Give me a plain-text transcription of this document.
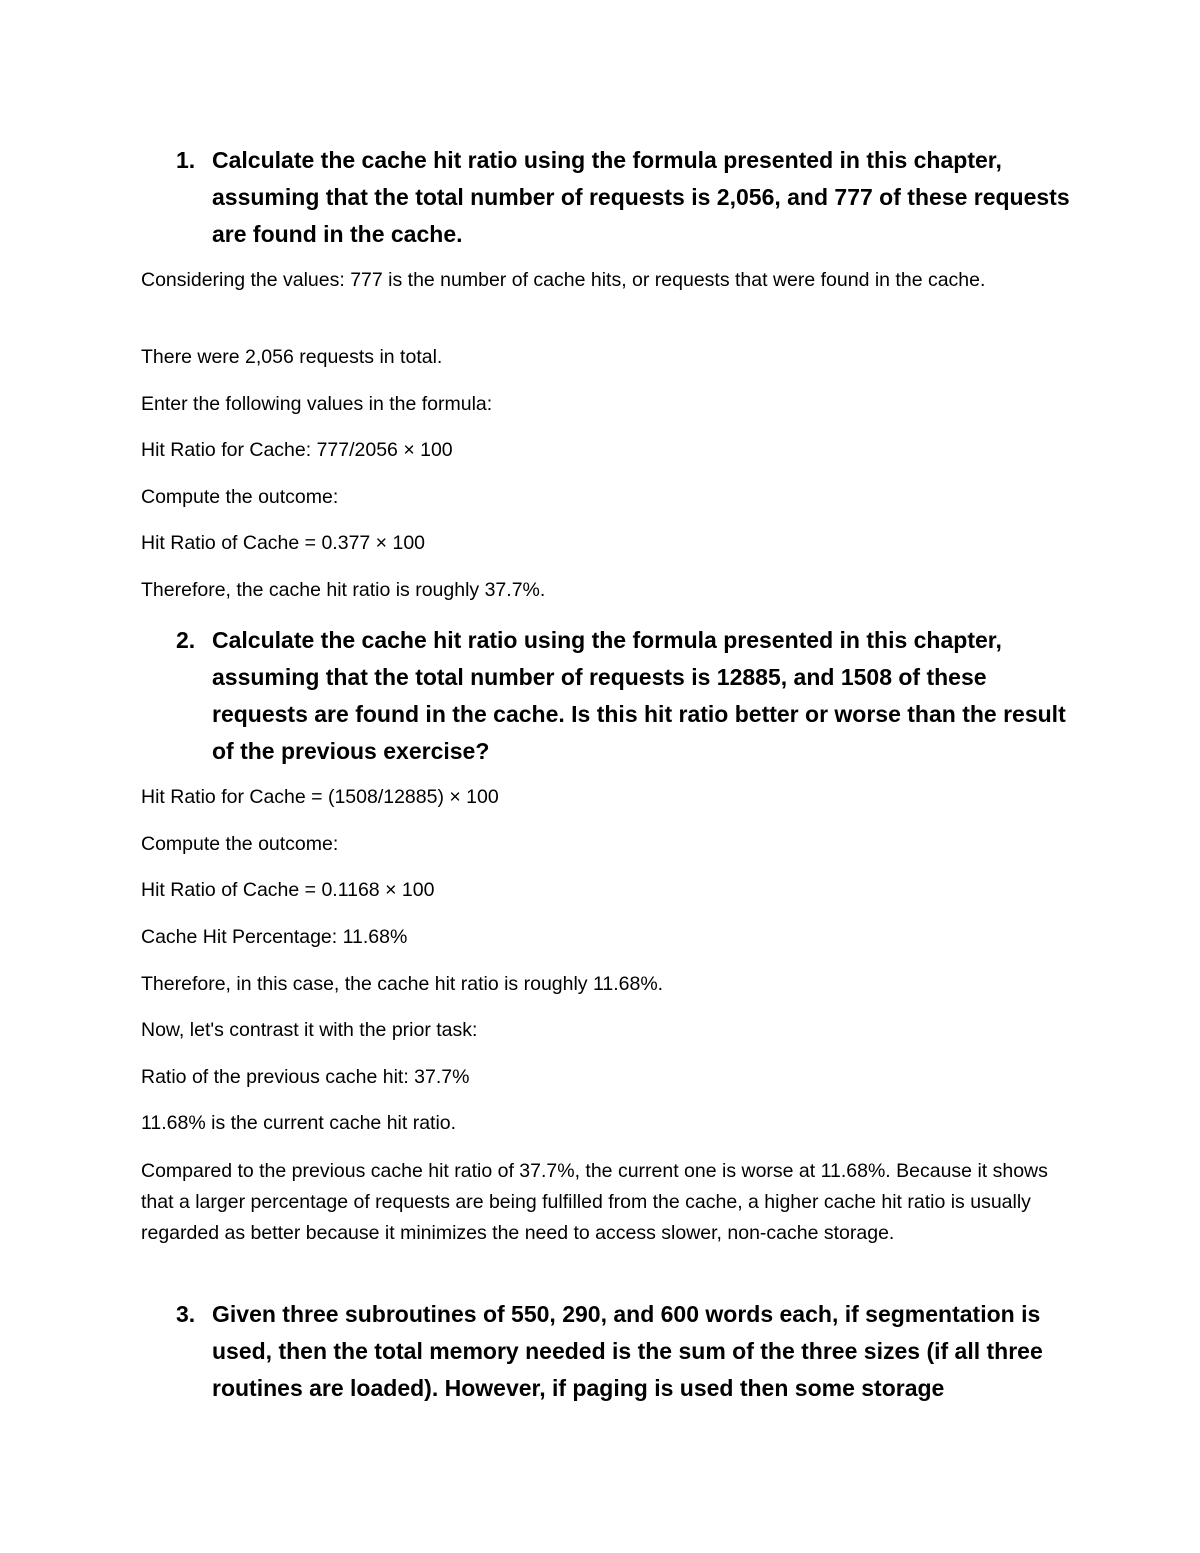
1. Calculate the cache hit ratio using the formula presented in this chapter, assuming that the total number of requests is 2,056, and 777 of these requests are found in the cache.
Considering the values: 777 is the number of cache hits, or requests that were found in the cache.
There were 2,056 requests in total.
Enter the following values in the formula:
Hit Ratio for Cache: 777/2056 × 100
Compute the outcome:
Hit Ratio of Cache = 0.377 × 100
Therefore, the cache hit ratio is roughly 37.7%.
2. Calculate the cache hit ratio using the formula presented in this chapter, assuming that the total number of requests is 12885, and 1508 of these requests are found in the cache. Is this hit ratio better or worse than the result of the previous exercise?
Hit Ratio for Cache = (1508/12885) × 100
Compute the outcome:
Hit Ratio of Cache = 0.1168 × 100
Cache Hit Percentage: 11.68%
Therefore, in this case, the cache hit ratio is roughly 11.68%.
Now, let's contrast it with the prior task:
Ratio of the previous cache hit: 37.7%
11.68% is the current cache hit ratio.
Compared to the previous cache hit ratio of 37.7%, the current one is worse at 11.68%. Because it shows that a larger percentage of requests are being fulfilled from the cache, a higher cache hit ratio is usually regarded as better because it minimizes the need to access slower, non-cache storage.
3. Given three subroutines of 550, 290, and 600 words each, if segmentation is used, then the total memory needed is the sum of the three sizes (if all three routines are loaded). However, if paging is used then some storage
